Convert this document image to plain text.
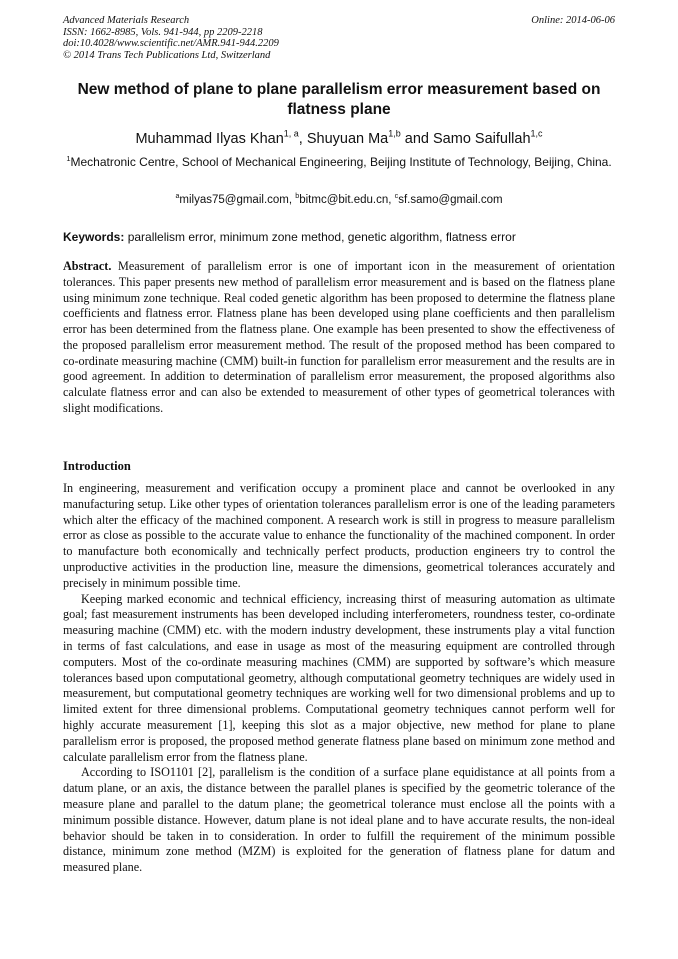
Advanced Materials Research
ISSN: 1662-8985, Vols. 941-944, pp 2209-2218
doi:10.4028/www.scientific.net/AMR.941-944.2209
© 2014 Trans Tech Publications Ltd, Switzerland
Online: 2014-06-06
New method of plane to plane parallelism error measurement based on flatness plane
Muhammad Ilyas Khan$^{1, a}$, Shuyuan Ma$^{1,b}$ and Samo Saifullah$^{1,c}$
$^1$Mechatronic Centre, School of Mechanical Engineering, Beijing Institute of Technology, Beijing, China.
$^a$milyas75@gmail.com, $^b$bitmc@bit.edu.cn, $^c$sf.samo@gmail.com
Keywords: parallelism error, minimum zone method, genetic algorithm, flatness error
Abstract. Measurement of parallelism error is one of important icon in the measurement of orientation tolerances. This paper presents new method of parallelism error measurement and is based on the flatness plane using minimum zone technique. Real coded genetic algorithm has been proposed to determine the flatness plane coefficients and flatness error. Flatness plane has been developed using plane coefficients and then parallelism error has been determined from the flatness plane. One example has been presented to show the effectiveness of the proposed parallelism error measurement method. The result of the proposed method has been compared to co-ordinate measuring machine (CMM) built-in function for parallelism error measurement and the results are in good agreement. In addition to determination of parallelism error measurement, the proposed algorithms also calculate flatness error and can also be extended to measurement of other types of geometrical tolerances with slight modifications.
Introduction

In engineering, measurement and verification occupy a prominent place and cannot be overlooked in any manufacturing setup. Like other types of orientation tolerances parallelism error is one of the leading parameters which alter the efficacy of the machined component. A research work is still in progress to measure parallelism error as close as possible to the accurate value to enhance the functionality of the machined component. In order to manufacture both economically and technically perfect products, production engineers try to control the unproductive activities in the production line, measure the dimensions, geometrical tolerances accurately and precisely in minimum possible time.

Keeping marked economic and technical efficiency, increasing thirst of measuring automation as ultimate goal; fast measurement instruments has been developed including interferometers, roundness tester, co-ordinate measuring machine (CMM) etc. with the modern industry development, these instruments play a vital function in terms of fast calculations, and ease in usage as most of the measuring equipment are controlled through computers. Most of the co-ordinate measuring machines (CMM) are supported by software’s which measure tolerances based upon computational geometry, although computational geometry techniques are widely used in measurement, but computational geometry techniques are working well for two dimensional problems and up to limited extent for three dimensional problems. Computational geometry techniques cannot perform well for highly accurate measurement [1], keeping this slot as a major objective, new method for plane to plane parallelism error is proposed, the proposed method generate flatness plane based on minimum zone method and calculate parallelism error from the flatness plane.

According to ISO1101 [2], parallelism is the condition of a surface plane equidistance at all points from a datum plane, or an axis, the distance between the parallel planes is specified by the geometric tolerance of the measure plane and parallel to the datum plane; the geometrical tolerance must enclose all the points with a minimum possible distance. However, datum plane is not ideal plane and to have accurate results, the non-ideal behavior should be taken in to consideration. In order to fulfill the requirement of the minimum possible distance, minimum zone method (MZM) is exploited for the generation of flatness plane for datum and measured plane.
